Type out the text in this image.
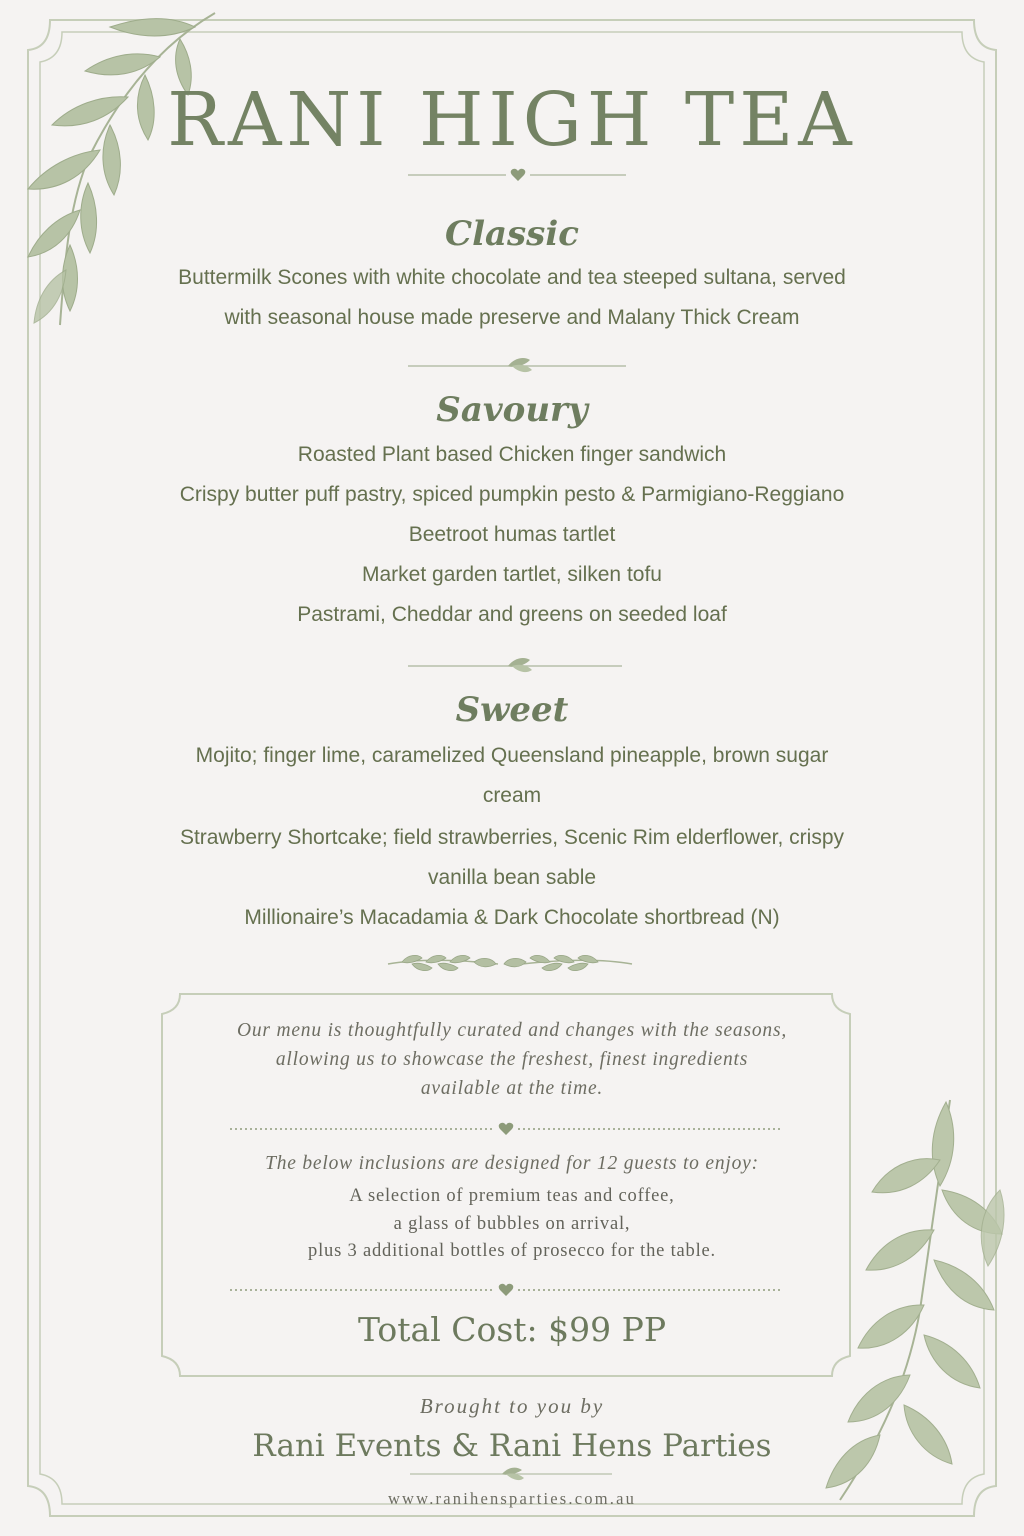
RANI HIGH TEA
Classic
Buttermilk Scones with white chocolate and tea steeped sultana, served
with seasonal house made preserve and Malany Thick Cream
Savoury
Roasted Plant based Chicken finger sandwich
Crispy butter puff pastry, spiced pumpkin pesto & Parmigiano-Reggiano
Beetroot humas tartlet
Market garden tartlet, silken tofu
Pastrami, Cheddar and greens on seeded loaf
Sweet
Mojito; finger lime, caramelized Queensland pineapple, brown sugar
cream
Strawberry Shortcake; field strawberries, Scenic Rim elderflower, crispy
vanilla bean sable
Millionaire’s Macadamia & Dark Chocolate shortbread (N)
Our menu is thoughtfully curated and changes with the seasons,
allowing us to showcase the freshest, finest ingredients
available at the time.
The below inclusions are designed for 12 guests to enjoy:
A selection of premium teas and coffee,
a glass of bubbles on arrival,
plus 3 additional bottles of prosecco for the table.
Total Cost: $99 PP
Brought to you by
Rani Events & Rani Hens Parties
www.ranihensparties.com.au
